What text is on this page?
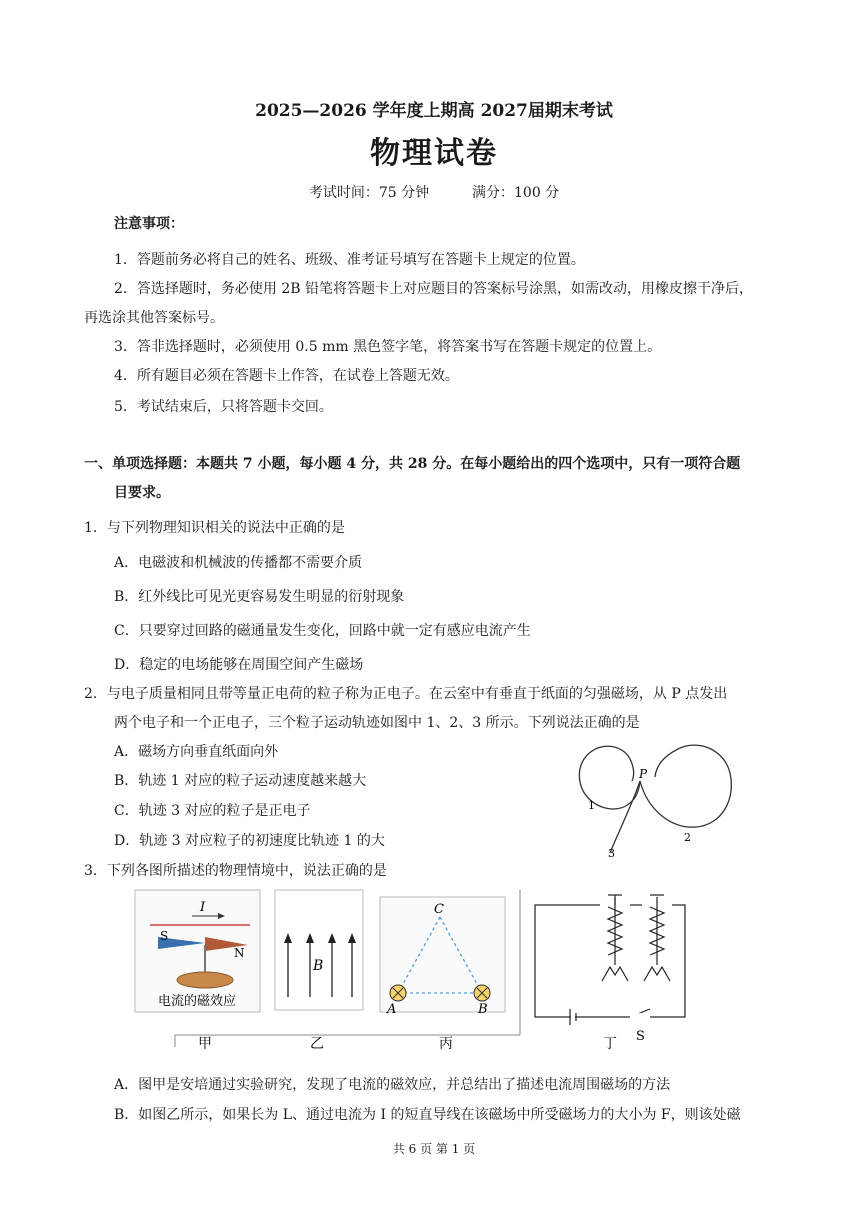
2025—2026 学年度上期高 2027届期末考试
物理试卷
考试时间：75 分钟	满分：100 分
注意事项：
1．答题前务必将自己的姓名、班级、准考证号填写在答题卡上规定的位置。
2．答选择题时，务必使用 2B 铅笔将答题卡上对应题目的答案标号涂黑，如需改动，用橡皮擦干净后，
再选涂其他答案标号。
3．答非选择题时，必须使用 0.5 mm 黑色签字笔，将答案书写在答题卡规定的位置上。
4．所有题目必须在答题卡上作答，在试卷上答题无效。
5．考试结束后，只将答题卡交回。
一、单项选择题：本题共 7 小题，每小题 4 分，共 28 分。在每小题给出的四个选项中，只有一项符合题
目要求。
1．与下列物理知识相关的说法中正确的是
A．电磁波和机械波的传播都不需要介质
B．红外线比可见光更容易发生明显的衍射现象
C．只要穿过回路的磁通量发生变化，回路中就一定有感应电流产生
D．稳定的电场能够在周围空间产生磁场
2．与电子质量相同且带等量正电荷的粒子称为正电子。在云室中有垂直于纸面的匀强磁场，从 P 点发出
两个电子和一个正电子，三个粒子运动轨迹如图中 1、2、3 所示。下列说法正确的是
A．磁场方向垂直纸面向外
B．轨迹 1 对应的粒子运动速度越来越大
C．轨迹 3 对应的粒子是正电子
D．轨迹 3 对应粒子的初速度比轨迹 1 的大
P
1
2
3
3．下列各图所描述的物理情境中，说法正确的是
I
S
N
电流的磁效应
B
C
A	B
S
甲	乙	丙	丁
A．图甲是安培通过实验研究，发现了电流的磁效应，并总结出了描述电流周围磁场的方法
B．如图乙所示，如果长为 L、通过电流为 I 的短直导线在该磁场中所受磁场力的大小为 F，则该处磁
共 6 页 第 1 页
